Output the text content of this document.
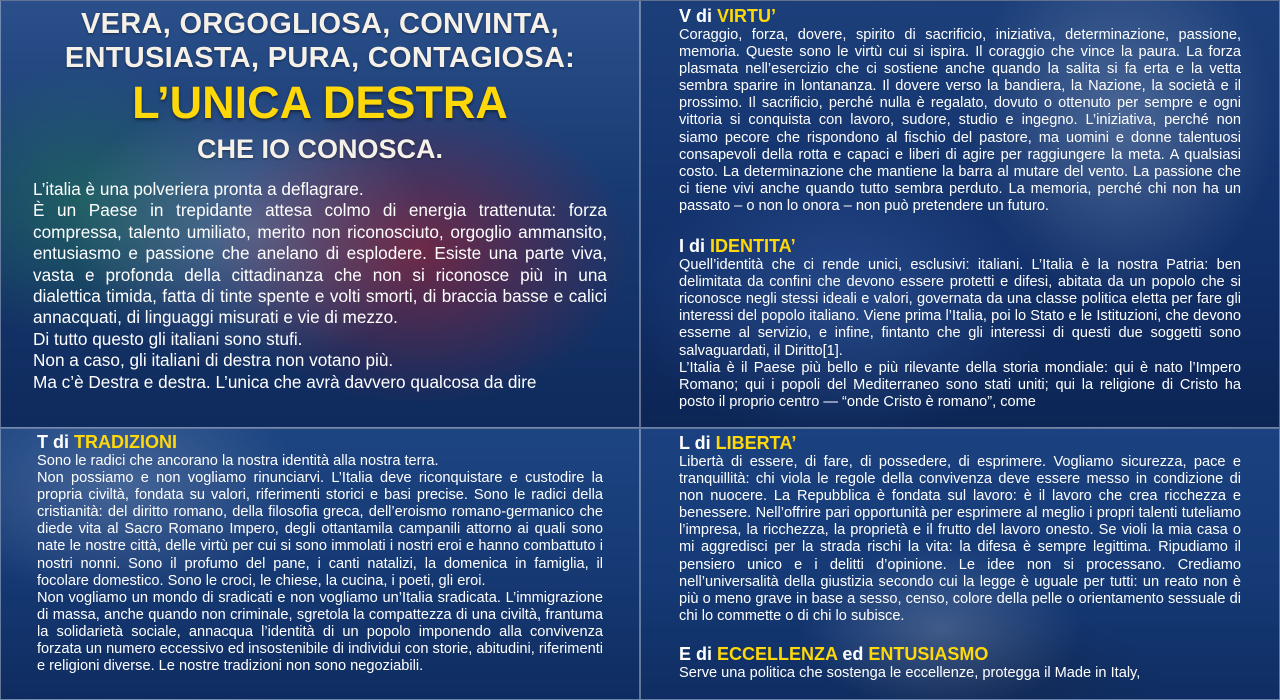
VERA, ORGOGLIOSA, CONVINTA,
ENTUSIASTA, PURA, CONTAGIOSA:
L’UNICA DESTRA
CHE IO CONOSCA.

L’italia è una polveriera pronta a deflagrare.

È un Paese in trepidante attesa colmo di energia trattenuta: forza compressa, talento umiliato, merito non riconosciuto, orgoglio ammansito, entusiasmo e passione che anelano di esplodere. Esiste una parte viva, vasta e profonda della cittadinanza che non si riconosce più in una dialettica timida, fatta di tinte spente e volti smorti, di braccia basse e calici annacquati, di linguaggi misurati e vie di mezzo.

Di tutto questo gli italiani sono stufi.

Non a caso, gli italiani di destra non votano più.

Ma c’è Destra e destra. L’unica che avrà davvero qualcosa da dire

V di VIRTU’

Coraggio, forza, dovere, spirito di sacrificio, iniziativa, determinazione, passione, memoria. Queste sono le virtù cui si ispira. Il coraggio che vince la paura. La forza plasmata nell’esercizio che ci sostiene anche quando la salita si fa erta e la vetta sembra sparire in lontananza. Il dovere verso la bandiera, la Nazione, la società e il prossimo. Il sacrificio, perché nulla è regalato, dovuto o ottenuto per sempre e ogni vittoria si conquista con lavoro, sudore, studio e ingegno. L’iniziativa, perché non siamo pecore che rispondono al fischio del pastore, ma uomini e donne talentuosi consapevoli della rotta e capaci e liberi di agire per raggiungere la meta. A qualsiasi costo. La determinazione che mantiene la barra al mutare del vento. La passione che ci tiene vivi anche quando tutto sembra perduto. La memoria, perché chi non ha un passato – o non lo onora – non può pretendere un futuro.

I di IDENTITA’

Quell’identità che ci rende unici, esclusivi: italiani. L’Italia è la nostra Patria: ben delimitata da confini che devono essere protetti e difesi, abitata da un popolo che si riconosce negli stessi ideali e valori, governata da una classe politica eletta per fare gli interessi del popolo italiano. Viene prima l’Italia, poi lo Stato e le Istituzioni, che devono esserne al servizio, e infine, fintanto che gli interessi di questi due soggetti sono salvaguardati, il Diritto[1].

L’Italia è il Paese più bello e più rilevante della storia mondiale: qui è nato l’Impero Romano; qui i popoli del Mediterraneo sono stati uniti; qui la religione di Cristo ha posto il proprio centro — “onde Cristo è romano”, come

T di TRADIZIONI

Sono le radici che ancorano la nostra identità alla nostra terra.

Non possiamo e non vogliamo rinunciarvi. L’Italia deve riconquistare e custodire la propria civiltà, fondata su valori, riferimenti storici e basi precise. Sono le radici della cristianità: del diritto romano, della filosofia greca, dell’eroismo romano-germanico che diede vita al Sacro Romano Impero, degli ottantamila campanili attorno ai quali sono nate le nostre città, delle virtù per cui si sono immolati i nostri eroi e hanno combattuto i nostri nonni. Sono il profumo del pane, i canti natalizi, la domenica in famiglia, il focolare domestico. Sono le croci, le chiese, la cucina, i poeti, gli eroi.

Non vogliamo un mondo di sradicati e non vogliamo un’Italia sradicata. L’immigrazione di massa, anche quando non criminale, sgretola la compattezza di una civiltà, frantuma la solidarietà sociale, annacqua l’identità di un popolo imponendo alla convivenza forzata un numero eccessivo ed insostenibile di individui con storie, abitudini, riferimenti e religioni diverse. Le nostre tradizioni non sono negoziabili.

L di LIBERTA’

Libertà di essere, di fare, di possedere, di esprimere. Vogliamo sicurezza, pace e tranquillità: chi viola le regole della convivenza deve essere messo in condizione di non nuocere. La Repubblica è fondata sul lavoro: è il lavoro che crea ricchezza e benessere. Nell’offrire pari opportunità per esprimere al meglio i propri talenti tuteliamo l’impresa, la ricchezza, la proprietà e il frutto del lavoro onesto. Se violi la mia casa o mi aggredisci per la strada rischi la vita: la difesa è sempre legittima. Ripudiamo il pensiero unico e i delitti d’opinione. Le idee non si processano. Crediamo nell’universalità della giustizia secondo cui la legge è uguale per tutti: un reato non è più o meno grave in base a sesso, censo, colore della pelle o orientamento sessuale di chi lo commette o di chi lo subisce.

E di ECCELLENZA ed ENTUSIASMO

Serve una politica che sostenga le eccellenze, protegga il Made in Italy,
